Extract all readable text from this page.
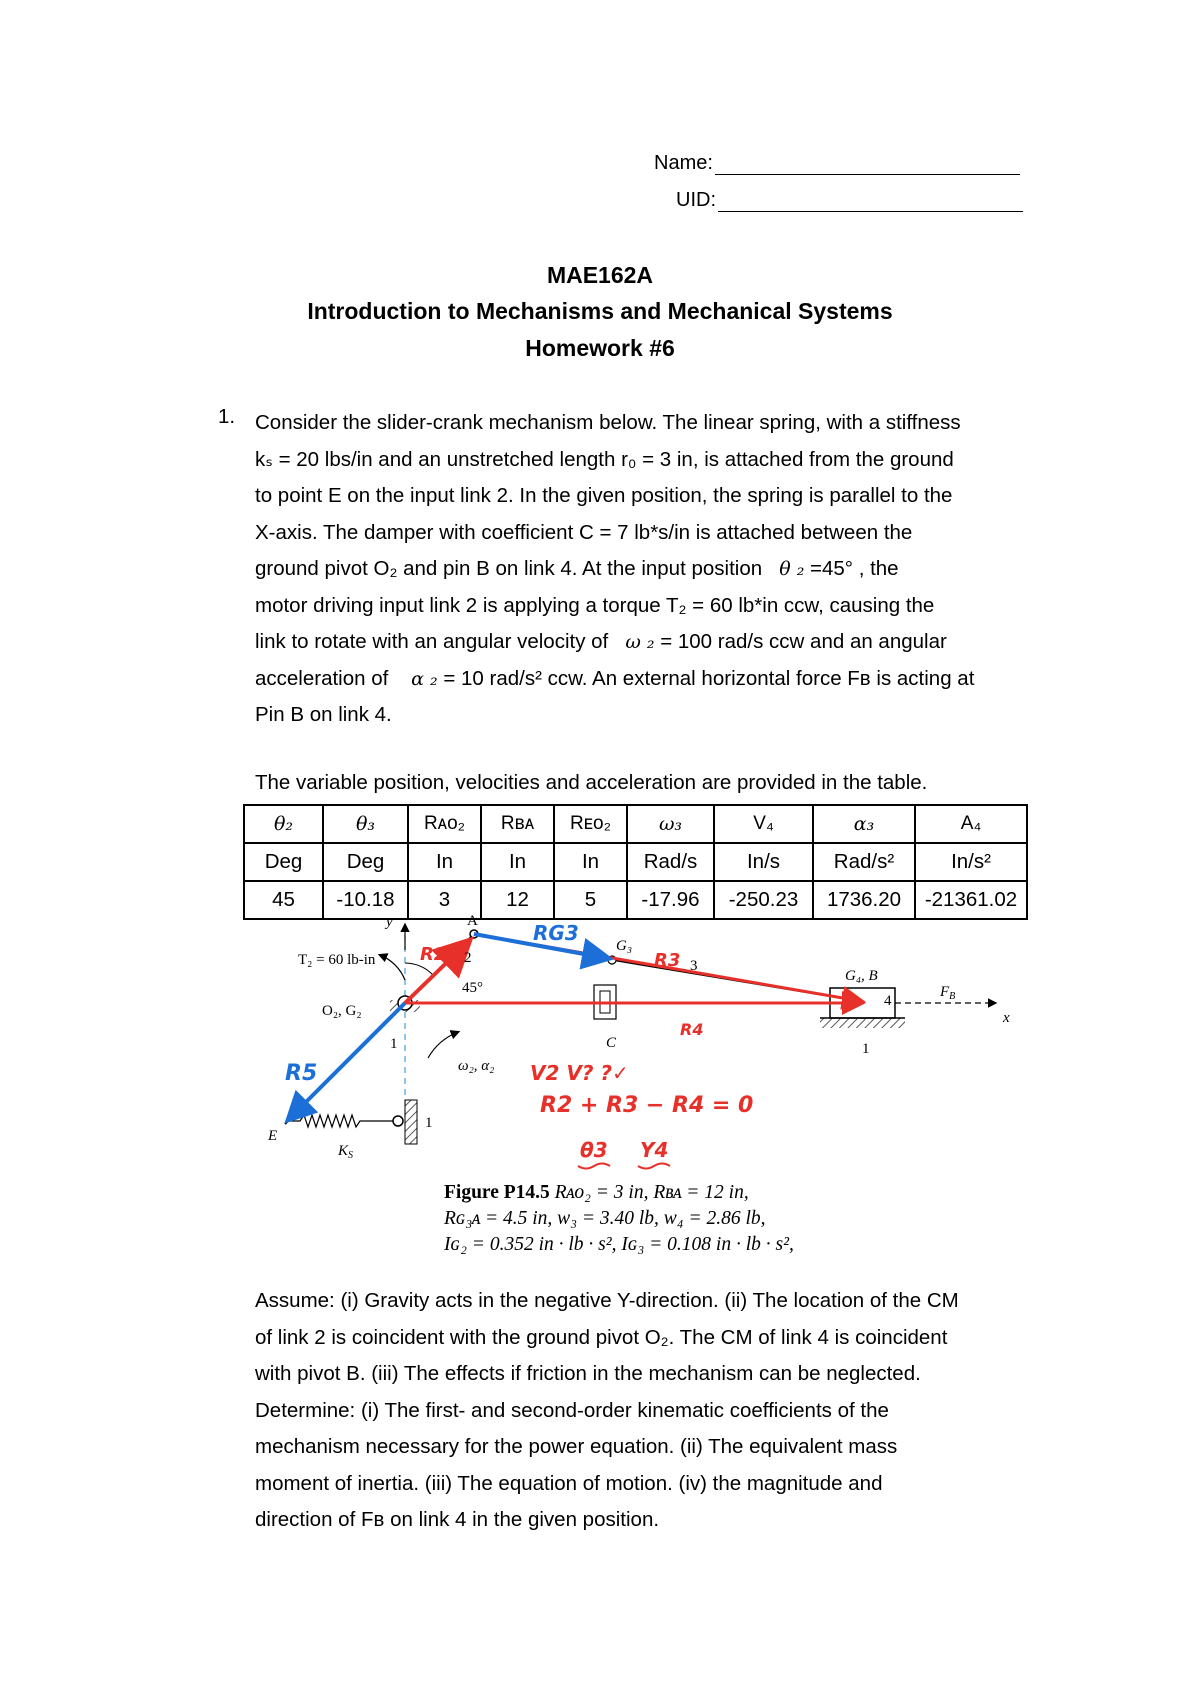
Name:
UID:
MAE162A
Introduction to Mechanisms and Mechanical Systems
Homework #6
1. Consider the slider-crank mechanism below. The linear spring, with a stiffness
kₛ = 20 lbs/in and an unstretched length r₀ = 3 in, is attached from the ground
to point E on the input link 2. In the given position, the spring is parallel to the
X-axis. The damper with coefficient C = 7 lb*s/in is attached between the
ground pivot O₂ and pin B on link 4. At the input position θ ₂ =45° , the
motor driving input link 2 is applying a torque T₂ = 60 lb*in ccw, causing the
link to rotate with an angular velocity of ω ₂ = 100 rad/s ccw and an angular
acceleration of α ₂ = 10 rad/s² ccw. An external horizontal force Fʙ is acting at
Pin B on link 4.
The variable position, velocities and acceleration are provided in the table.
θ₂	θ₃	Rᴀᴏ₂	Rʙᴀ	Rᴇᴏ₂	ω₃	V₄	α₃	A₄
Deg	Deg	In	In	In	Rad/s	In/s	Rad/s²	In/s²
45	-10.18	3	12	5	-17.96	-250.23	1736.20	-21361.02
T₂ = 60 lb-in
O₂, G₂
y	A
2
45°
1
ω₂, α₂
G₃
3
C
G₄, B
4
$F_B$
x
1
E
$K_S$
1
R2
RG3
R3
R4
R5	V2 V? ?✓
R2 + R3 − R4 = 0
θ3 Y4
Figure P14.5 Rᴀᴏ₂ = 3 in, Rʙᴀ = 12 in,
Rɢ₃ᴀ = 4.5 in, w₃ = 3.40 lb, w₄ = 2.86 lb,
Iɢ₂ = 0.352 in · lb · s², Iɢ₃ = 0.108 in · lb · s²,
Assume: (i) Gravity acts in the negative Y-direction. (ii) The location of the CM
of link 2 is coincident with the ground pivot O₂. The CM of link 4 is coincident
with pivot B. (iii) The effects if friction in the mechanism can be neglected.
Determine: (i) The first- and second-order kinematic coefficients of the
mechanism necessary for the power equation. (ii) The equivalent mass
moment of inertia. (iii) The equation of motion. (iv) the magnitude and
direction of Fʙ on link 4 in the given position.
